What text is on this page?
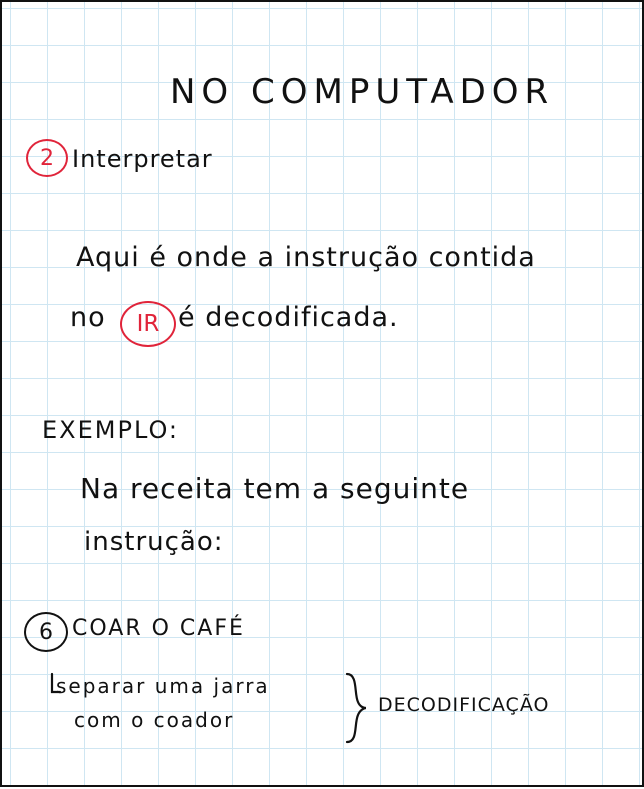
NO COMPUTADOR
2 Interpretar
Aqui é onde a instrução contida
no IR é decodificada.
EXEMPLO:
Na receita tem a seguinte
instrução:
6 COAR O CAFÉ
separar uma jarra
com o coador
DECODIFICAÇÃO
